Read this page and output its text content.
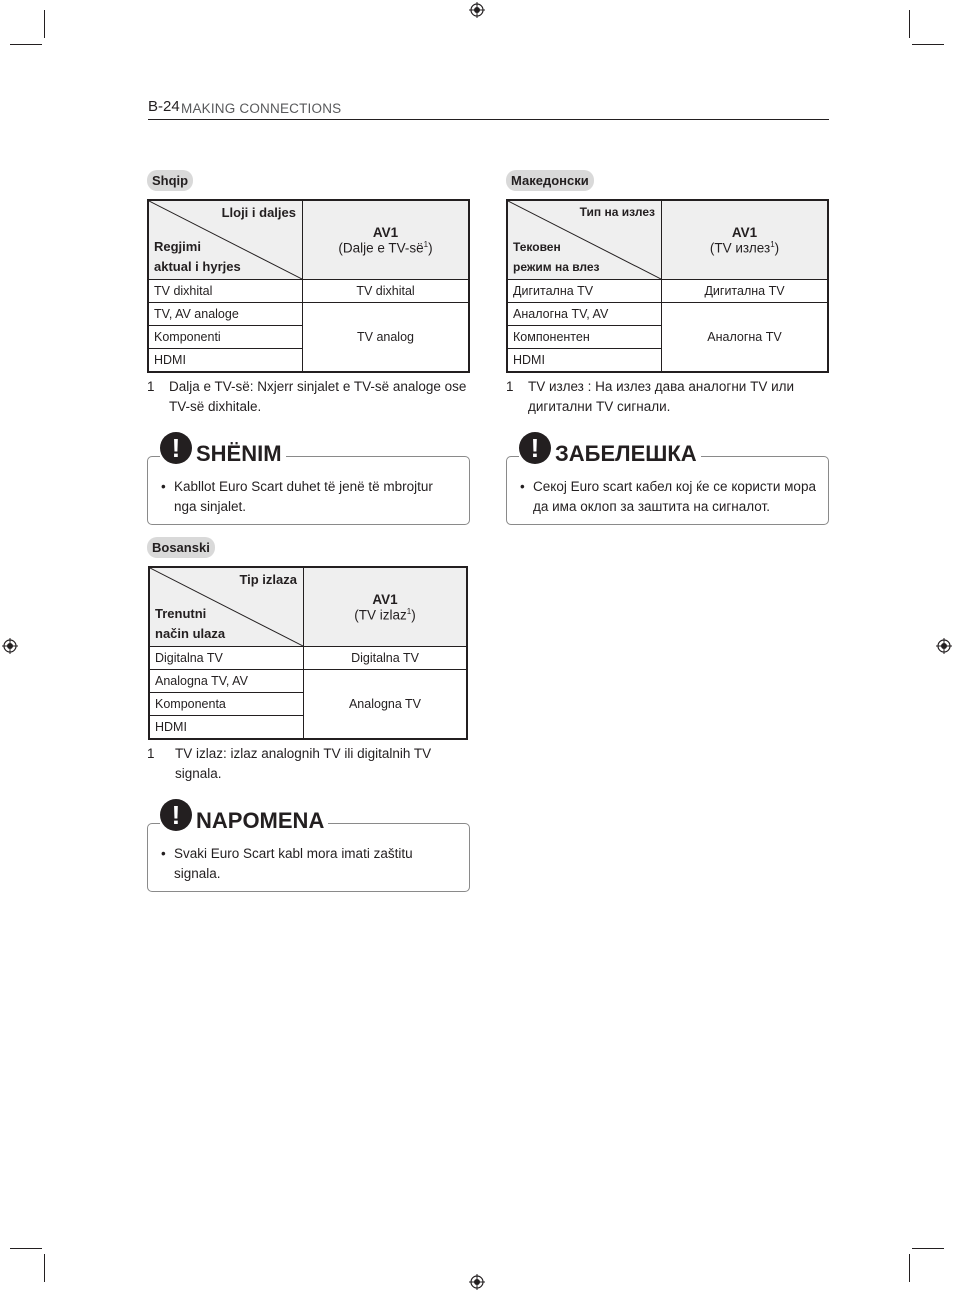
B-24 MAKING CONNECTIONS
Shqip
Lloji i daljes
Regjimi
aktual i hyrjes	AV1
(Dalje e $TV-së^1$)
TV dixhital	TV dixhital
TV, AV analoge	TV analog
Komponenti	
HDMI	
1 Dalja e TV-së: Nxjerr sinjalet e TV-së analoge ose TV-së dixhitale.
! SHËNIM
• Kabllot Euro Scart duhet të jenë të mbrojtur nga sinjalet.
Bosanski
Tip izlaza
Trenutni
način ulaza	AV1
(TV izlaz$^1$)
Digitalna TV	Digitalna TV
Analogna TV, AV	Analogna TV
Komponenta	
HDMI	
1 TV izlaz: izlaz analognih TV ili digitalnih TV signala.
! NAPOMENA
• Svaki Euro Scart kabl mora imati zaštitu signala.
Македонски
Тип на излез
Тековен
режим на влез	AV1
(TV излез$^1$)
Дигитална TV	Дигитална TV
Аналогна TV, AV	Аналогна TV
Компонентен	
HDMI	
1 TV излез : На излез дава аналогни TV или дигитални TV сигнали.
! ЗАБЕЛЕШКА
• Секој Euro scart кабел кој ќе се користи мора да има оклоп за заштита на сигналот.
